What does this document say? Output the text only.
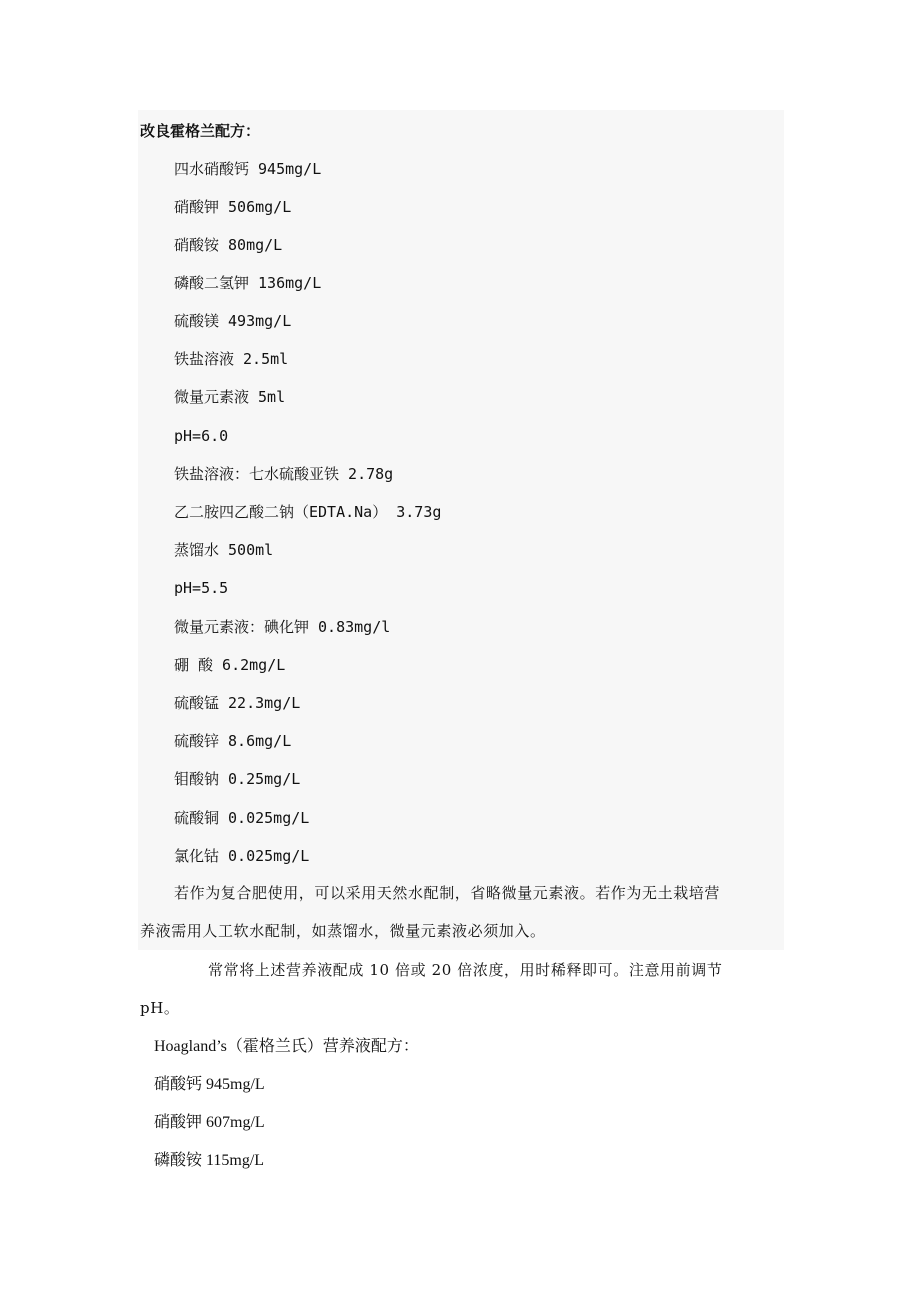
改良霍格兰配方：
四水硝酸钙 945mg/L
硝酸钾 506mg/L
硝酸铵 80mg/L
磷酸二氢钾 136mg/L
硫酸镁 493mg/L
铁盐溶液 2.5ml
微量元素液 5ml
pH=6.0
铁盐溶液：七水硫酸亚铁 2.78g
乙二胺四乙酸二钠（EDTA.Na） 3.73g
蒸馏水 500ml
pH=5.5
微量元素液：碘化钾 0.83mg/l
硼 酸 6.2mg/L
硫酸锰 22.3mg/L
硫酸锌 8.6mg/L
钼酸钠 0.25mg/L
硫酸铜 0.025mg/L
氯化钴 0.025mg/L
若作为复合肥使用，可以采用天然水配制，省略微量元素液。若作为无土栽培营
养液需用人工软水配制，如蒸馏水，微量元素液必须加入。
常常将上述营养液配成 10 倍或 20 倍浓度，用时稀释即可。注意用前调节
pH。
Hoagland’s（霍格兰氏）营养液配方：
硝酸钙 945mg/L
硝酸钾 607mg/L
磷酸铵 115mg/L
